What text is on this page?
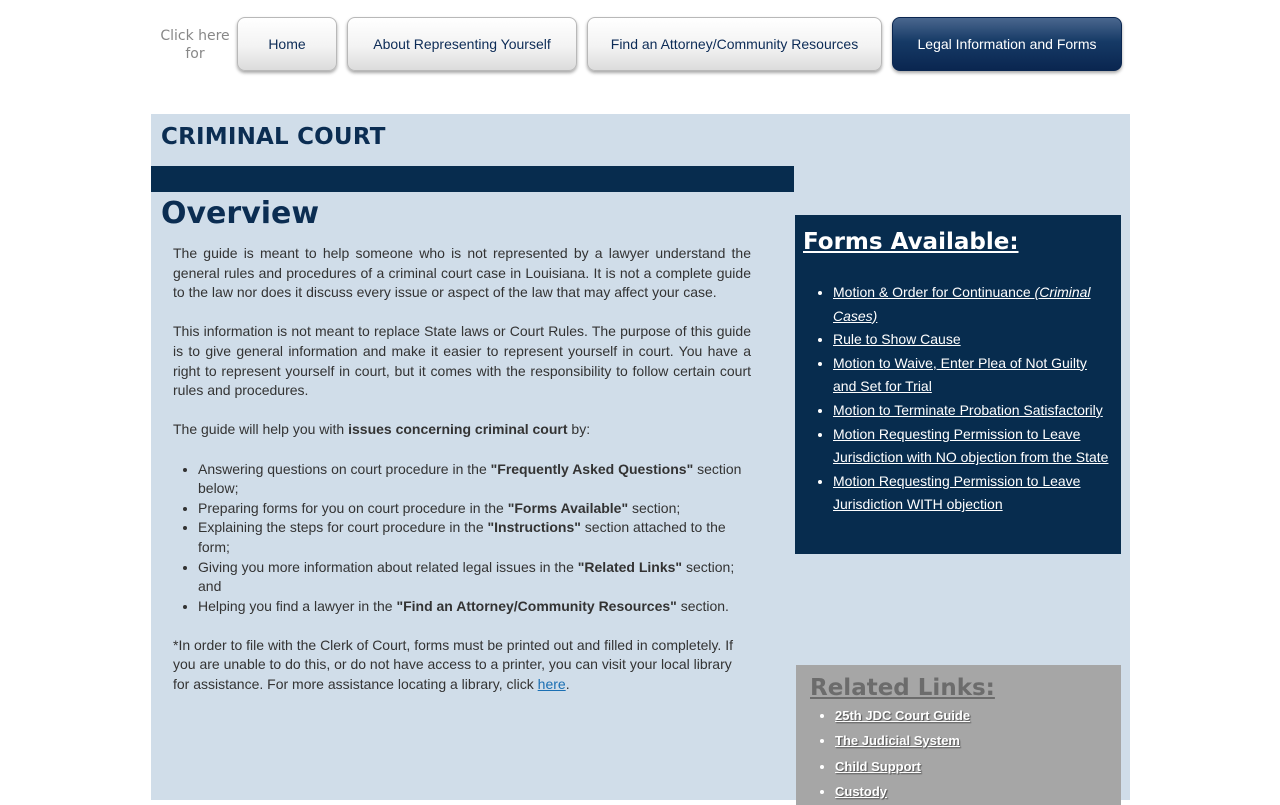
Click here for
Home	About Representing Yourself	Find an Attorney/Community Resources	Legal Information and Forms
CRIMINAL COURT
Overview

The guide is meant to help someone who is not represented by a lawyer understand the general rules and procedures of a criminal court case in Louisiana. It is not a complete guide to the law nor does it discuss every issue or aspect of the law that may affect your case.

This information is not meant to replace State laws or Court Rules. The purpose of this guide is to give general information and make it easier to represent yourself in court. You have a right to represent yourself in court, but it comes with the responsibility to follow certain court rules and procedures.

The guide will help you with issues concerning criminal court by:

• Answering questions on court procedure in the "Frequently Asked Questions" section below;
• Preparing forms for you on court procedure in the "Forms Available" section;
• Explaining the steps for court procedure in the "Instructions" section attached to the form;
• Giving you more information about related legal issues in the "Related Links" section; and
• Helping you find a lawyer in the "Find an Attorney/Community Resources" section.

*In order to file with the Clerk of Court, forms must be printed out and filled in completely. If you are unable to do this, or do not have access to a printer, you can visit your local library for assistance. For more assistance locating a library, click here.

Forms Available:
• Motion & Order for Continuance (Criminal Cases)
• Rule to Show Cause
• Motion to Waive, Enter Plea of Not Guilty and Set for Trial
• Motion to Terminate Probation Satisfactorily
• Motion Requesting Permission to Leave Jurisdiction with NO objection from the State
• Motion Requesting Permission to Leave Jurisdiction WITH objection
Related Links:
• 25th JDC Court Guide
• The Judicial System
• Child Support
• Custody
